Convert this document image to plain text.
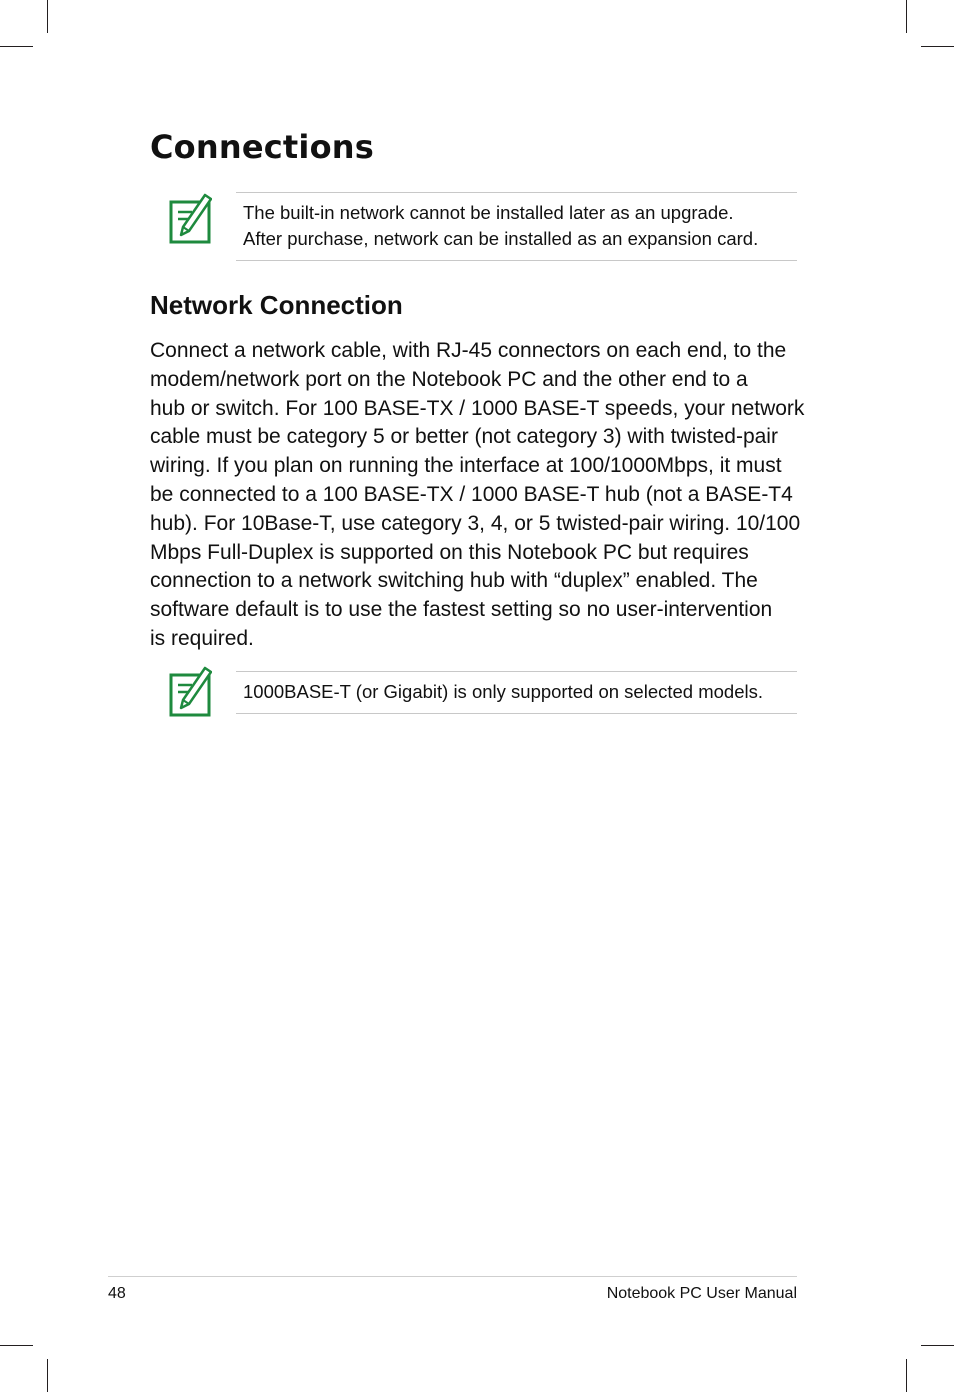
Connections

The built-in network cannot be installed later as an upgrade.

After purchase, network can be installed as an expansion card.

Network Connection
Connect a network cable, with RJ-45 connectors on each end, to the
modem/network port on the Notebook PC and the other end to a
hub or switch. For 100 BASE-TX / 1000 BASE-T speeds, your network
cable must be category 5 or better (not category 3) with twisted-pair
wiring. If you plan on running the interface at 100/1000Mbps, it must
be connected to a 100 BASE-TX / 1000 BASE-T hub (not a BASE-T4
hub). For 10Base-T, use category 3, 4, or 5 twisted-pair wiring. 10/100
Mbps Full-Duplex is supported on this Notebook PC but requires
connection to a network switching hub with “duplex” enabled. The
software default is to use the fastest setting so no user-intervention
is required.

1000BASE-T (or Gigabit) is only supported on selected models.

48	Notebook PC User Manual
